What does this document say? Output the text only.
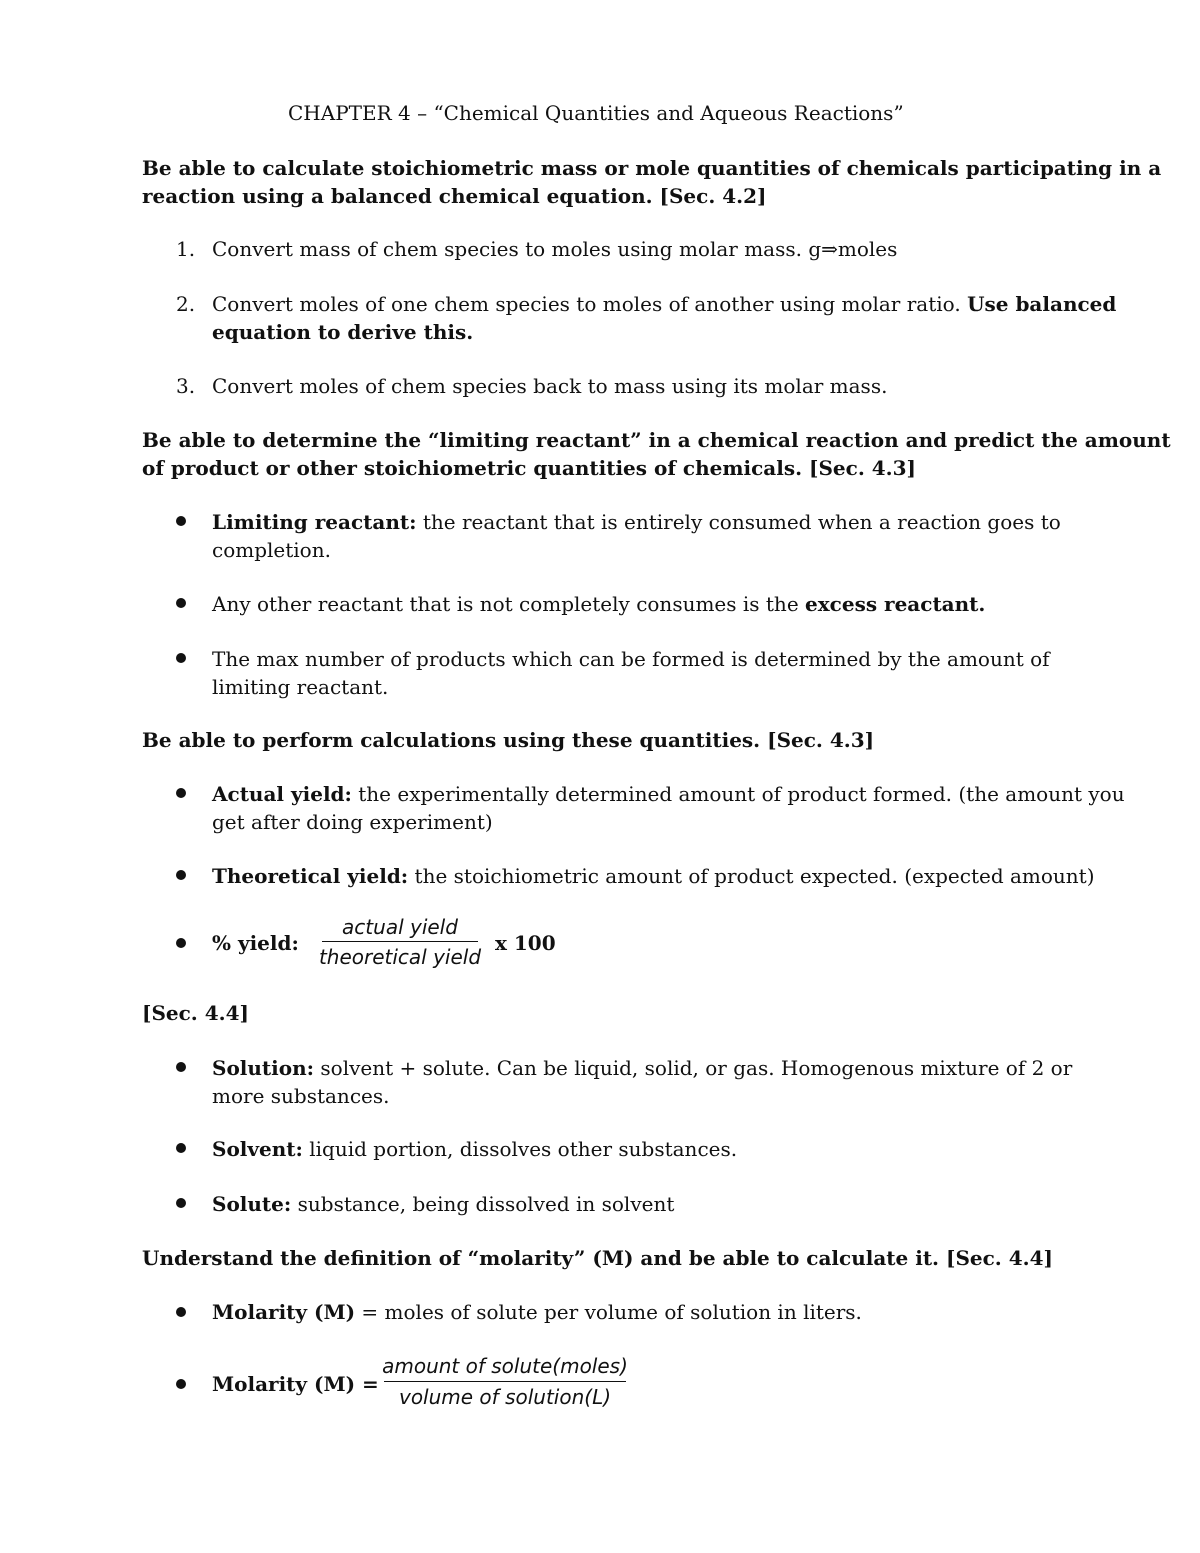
CHAPTER 4 – “Chemical Quantities and Aqueous Reactions”
Be able to calculate stoichiometric mass or mole quantities of chemicals participating in a
reaction using a balanced chemical equation. [Sec. 4.2]
1. Convert mass of chem species to moles using molar mass. g⇒moles
2. Convert moles of one chem species to moles of another using molar ratio. Use balanced
equation to derive this.
3. Convert moles of chem species back to mass using its molar mass.
Be able to determine the “limiting reactant” in a chemical reaction and predict the amount
of product or other stoichiometric quantities of chemicals. [Sec. 4.3]
Limiting reactant: the reactant that is entirely consumed when a reaction goes to
completion.
Any other reactant that is not completely consumes is the excess reactant.
The max number of products which can be formed is determined by the amount of
limiting reactant.
Be able to perform calculations using these quantities. [Sec. 4.3]
Actual yield: the experimentally determined amount of product formed. (the amount you
get after doing experiment)
Theoretical yield: the stoichiometric amount of product expected. (expected amount)
% yield:
actual yield
theoretical yield
x 100
[Sec. 4.4]
Solution: solvent + solute. Can be liquid, solid, or gas. Homogenous mixture of 2 or
more substances.
Solvent: liquid portion, dissolves other substances.
Solute: substance, being dissolved in solvent
Understand the definition of “molarity” (M) and be able to calculate it. [Sec. 4.4]
Molarity (M) = moles of solute per volume of solution in liters.
Molarity (M) =
amount of solute(moles)
volume of solution(L)
